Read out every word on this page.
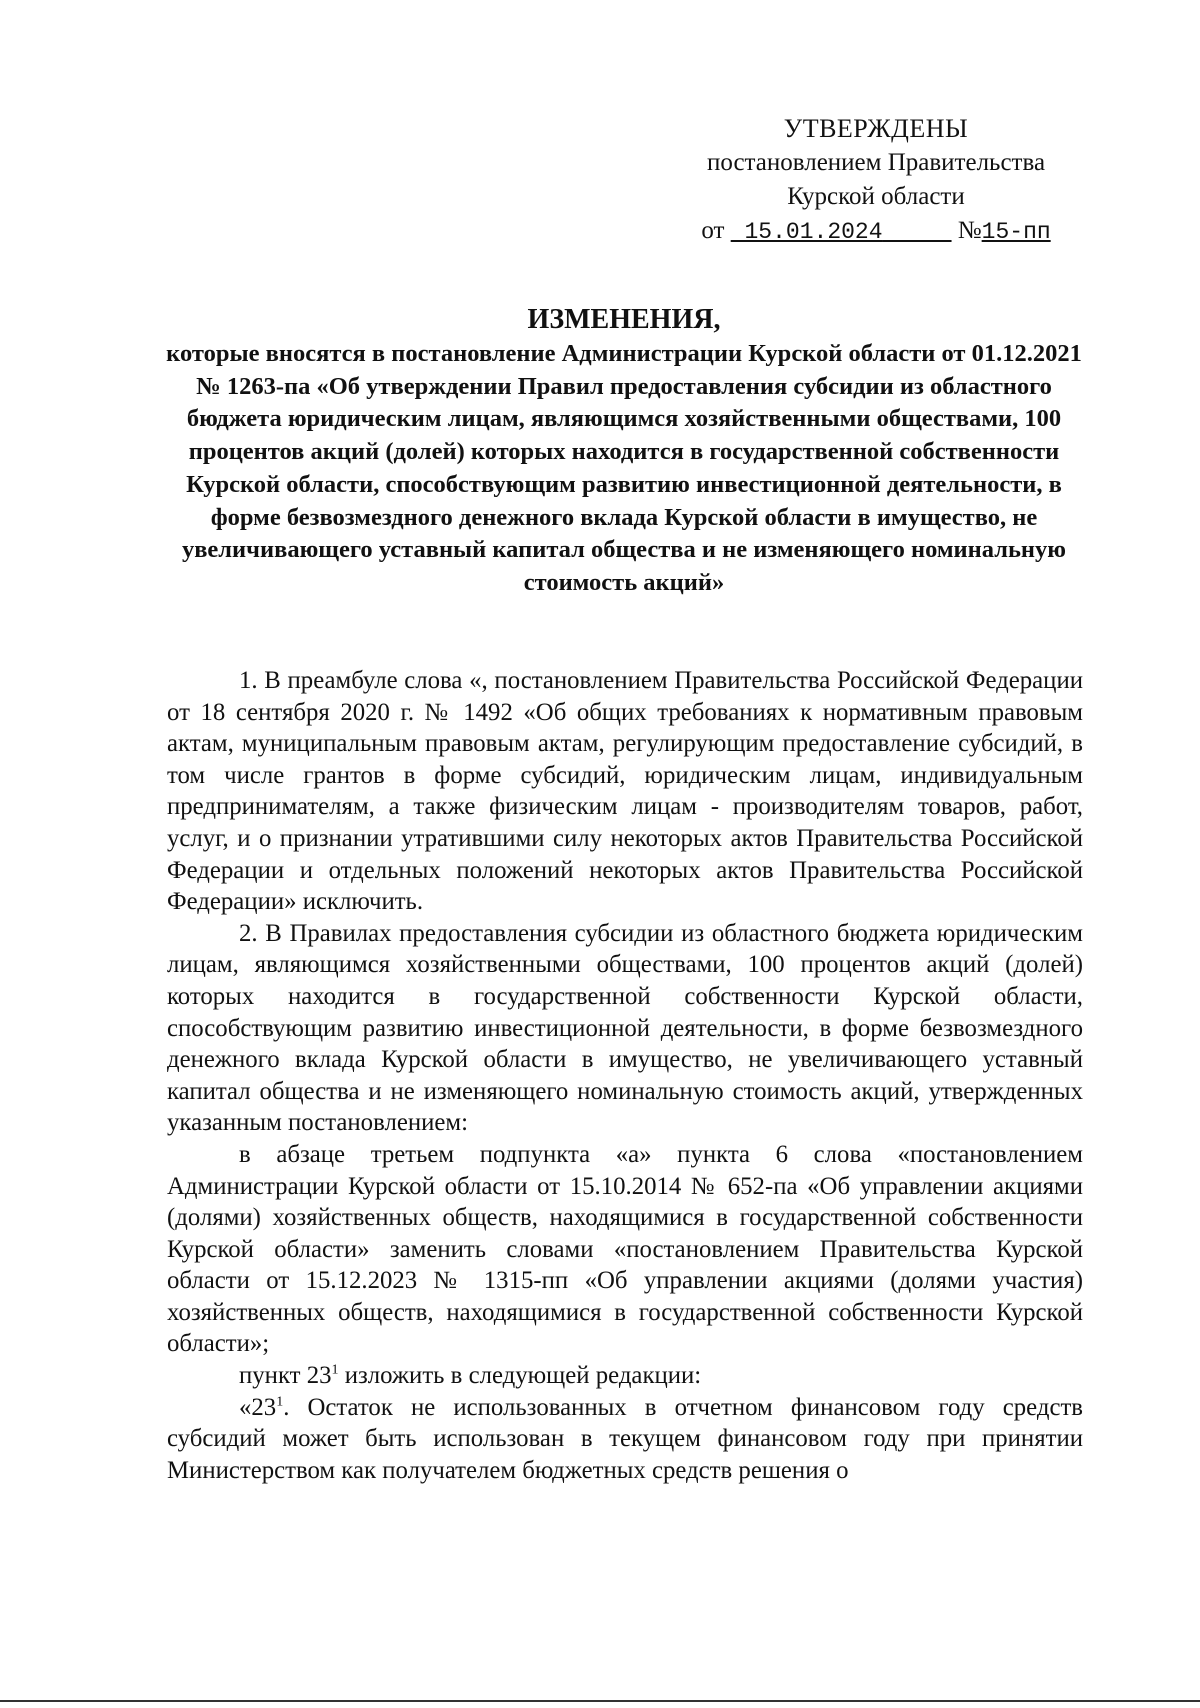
УТВЕРЖДЕНЫ
постановлением Правительства
Курской области
от 15.01.2024	№15-пп
ИЗМЕНЕНИЯ,
которые вносятся в постановление Администрации Курской области от 01.12.2021 № 1263-па «Об утверждении Правил предоставления субсидии из областного бюджета юридическим лицам, являющимся хозяйственными обществами, 100 процентов акций (долей) которых находится в государственной собственности Курской области, способствующим развитию инвестиционной деятельности, в форме безвозмездного денежного вклада Курской области в имущество, не увеличивающего уставный капитал общества и не изменяющего номинальную стоимость акций»

1. В преамбуле слова «, постановлением Правительства Российской Федерации от 18 сентября 2020 г. № 1492 «Об общих требованиях к нормативным правовым актам, муниципальным правовым актам, регулирующим предоставление субсидий, в том числе грантов в форме субсидий, юридическим лицам, индивидуальным предпринимателям, а также физическим лицам - производителям товаров, работ, услуг, и о признании утратившими силу некоторых актов Правительства Российской Федерации и отдельных положений некоторых актов Правительства Российской Федерации» исключить.

2. В Правилах предоставления субсидии из областного бюджета юридическим лицам, являющимся хозяйственными обществами, 100 процентов акций (долей) которых находится в государственной собственности Курской области, способствующим развитию инвестиционной деятельности, в форме безвозмездного денежного вклада Курской области в имущество, не увеличивающего уставный капитал общества и не изменяющего номинальную стоимость акций, утвержденных указанным постановлением:

в абзаце третьем подпункта «а» пункта 6 слова «постановлением Администрации Курской области от 15.10.2014 № 652-па «Об управлении акциями (долями) хозяйственных обществ, находящимися в государственной собственности Курской области» заменить словами «постановлением Правительства Курской области от 15.12.2023 № 1315-пп «Об управлении акциями (долями участия) хозяйственных обществ, находящимися в государственной собственности Курской области»;

пункт $23^1$ изложить в следующей редакции:

«$23^1$. Остаток не использованных в отчетном финансовом году средств субсидий может быть использован в текущем финансовом году при принятии Министерством как получателем бюджетных средств решения о
